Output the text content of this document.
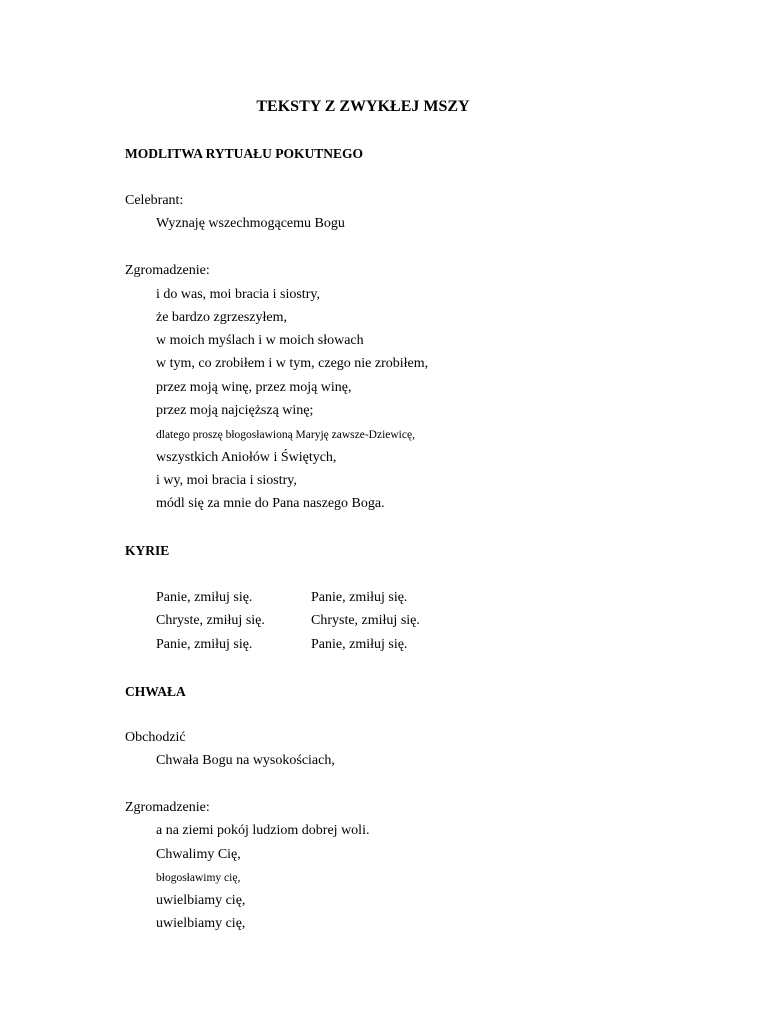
TEKSTY Z ZWYKŁEJ MSZY
MODLITWA RYTUAŁU POKUTNEGO
Celebrant:
Wyznaję wszechmogącemu Bogu
Zgromadzenie:
i do was, moi bracia i siostry,
że bardzo zgrzeszyłem,
w moich myślach i w moich słowach
w tym, co zrobiłem i w tym, czego nie zrobiłem,
przez moją winę, przez moją winę,
przez moją najcięższą winę;
dlatego proszę błogosławioną Maryję zawsze-Dziewicę,
wszystkich Aniołów i Świętych,
i wy, moi bracia i siostry,
módl się za mnie do Pana naszego Boga.
KYRIE
Panie, zmiłuj się.	Panie, zmiłuj się.
Chryste, zmiłuj się.	Chryste, zmiłuj się.
Panie, zmiłuj się.	Panie, zmiłuj się.
CHWAŁA
Obchodzić
Chwała Bogu na wysokościach,
Zgromadzenie:
a na ziemi pokój ludziom dobrej woli.
Chwalimy Cię,
błogosławimy cię,
uwielbiamy cię,
uwielbiamy cię,
